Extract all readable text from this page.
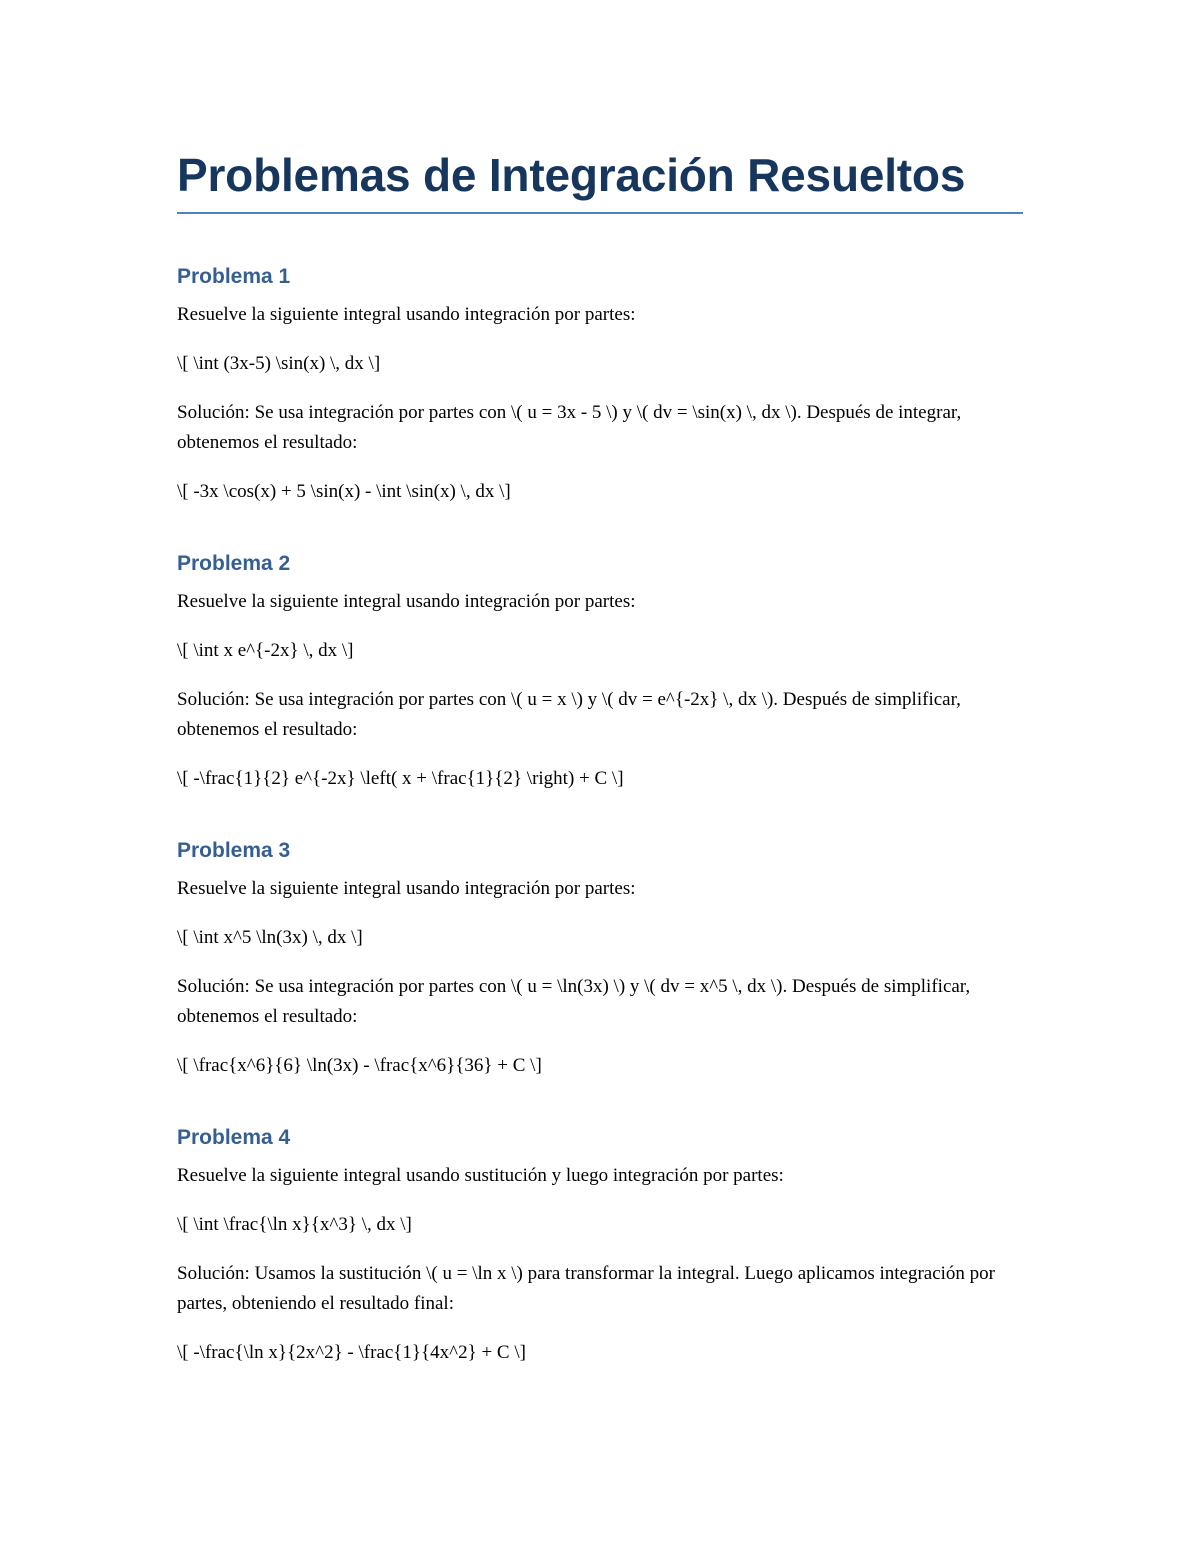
Problemas de Integración Resueltos
Problema 1

Resuelve la siguiente integral usando integración por partes:

\[ \int (3x-5) \sin(x) \, dx \]

Solución: Se usa integración por partes con \( u = 3x - 5 \) y \( dv = \sin(x) \, dx \). Después de integrar, obtenemos el resultado:

\[ -3x \cos(x) + 5 \sin(x) - \int \sin(x) \, dx \]

Problema 2

Resuelve la siguiente integral usando integración por partes:

\[ \int x e^{-2x} \, dx \]

Solución: Se usa integración por partes con \( u = x \) y \( dv = e^{-2x} \, dx \). Después de simplificar, obtenemos el resultado:

\[ -\frac{1}{2} e^{-2x} \left( x + \frac{1}{2} \right) + C \]

Problema 3

Resuelve la siguiente integral usando integración por partes:

\[ \int x^5 \ln(3x) \, dx \]

Solución: Se usa integración por partes con \( u = \ln(3x) \) y \( dv = x^5 \, dx \). Después de simplificar, obtenemos el resultado:

\[ \frac{x^6}{6} \ln(3x) - \frac{x^6}{36} + C \]

Problema 4

Resuelve la siguiente integral usando sustitución y luego integración por partes:

\[ \int \frac{\ln x}{x^3} \, dx \]

Solución: Usamos la sustitución \( u = \ln x \) para transformar la integral. Luego aplicamos integración por partes, obteniendo el resultado final:

\[ -\frac{\ln x}{2x^2} - \frac{1}{4x^2} + C \]
